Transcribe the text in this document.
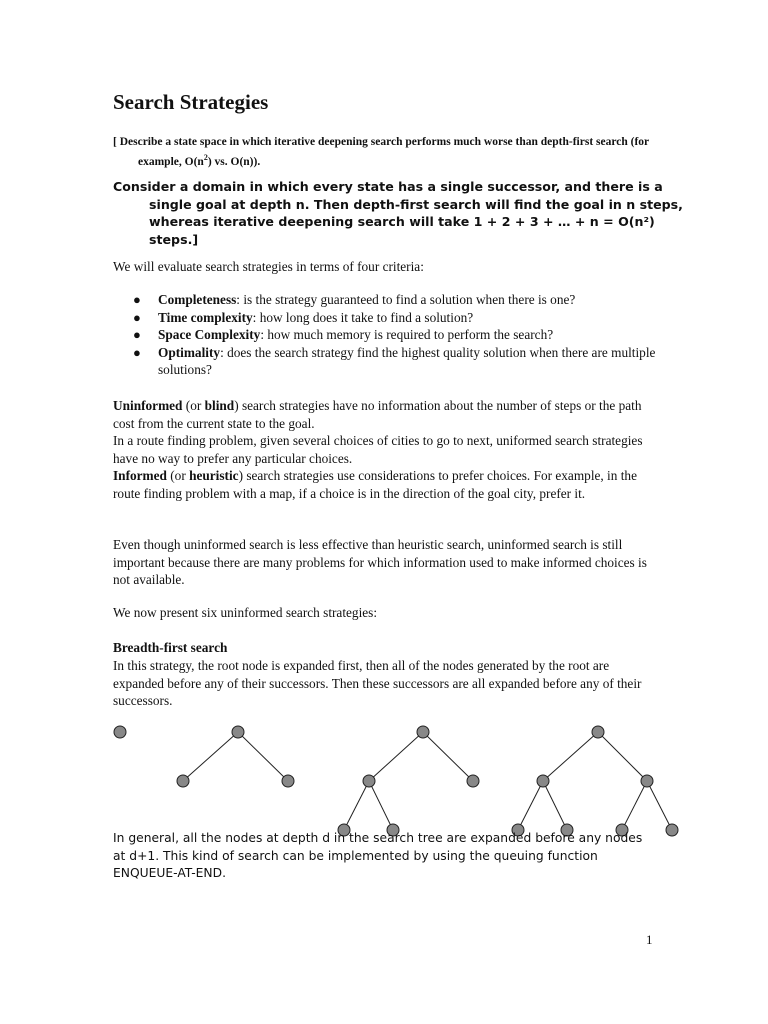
Search Strategies
[ Describe a state space in which iterative deepening search performs much worse than depth-first search (for example, $O(n^2)$ vs. O(n)).
Consider a domain in which every state has a single successor, and there is a single goal at depth n. Then depth-first search will find the goal in n steps, whereas iterative deepening search will take 1 + 2 + 3 + … + n = O(n²) steps.]

We will evaluate search strategies in terms of four criteria:

● Completeness: is the strategy guaranteed to find a solution when there is one?
● Time complexity: how long does it take to find a solution?
● Space Complexity: how much memory is required to perform the search?
● Optimality: does the search strategy find the highest quality solution when there are multiple solutions?

Uninformed (or blind) search strategies have no information about the number of steps or the path cost from the current state to the goal.
In a route finding problem, given several choices of cities to go to next, uniformed search strategies have no way to prefer any particular choices.
Informed (or heuristic) search strategies use considerations to prefer choices. For example, in the route finding problem with a map, if a choice is in the direction of the goal city, prefer it.

Even though uninformed search is less effective than heuristic search, uninformed search is still important because there are many problems for which information used to make informed choices is not available.

We now present six uninformed search strategies:

Breadth-first search

In this strategy, the root node is expanded first, then all of the nodes generated by the root are expanded before any of their successors. Then these successors are all expanded before any of their successors.

In general, all the nodes at depth d in the search tree are expanded before any nodes at d+1. This kind of search can be implemented by using the queuing function ENQUEUE-AT-END.

1
